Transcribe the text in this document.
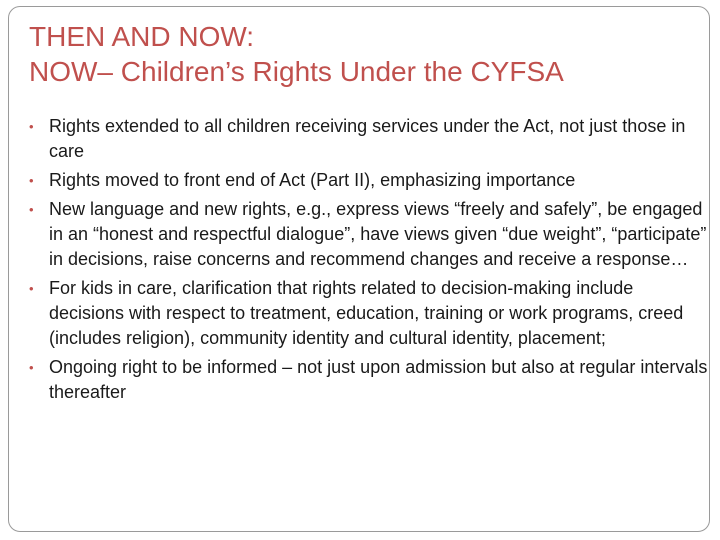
THEN AND NOW:
NOW– Children’s Rights Under the CYFSA
• Rights extended to all children receiving services under the Act, not just those in care
• Rights moved to front end of Act (Part II), emphasizing importance
• New language and new rights, e.g., express views “freely and safely”, be engaged in an “honest and respectful dialogue”, have views given “due weight”, “participate” in decisions, raise concerns and recommend changes and receive a response…
• For kids in care, clarification that rights related to decision-making include decisions with respect to treatment, education, training or work programs, creed (includes religion), community identity and cultural identity, placement;
• Ongoing right to be informed – not just upon admission but also at regular intervals thereafter
